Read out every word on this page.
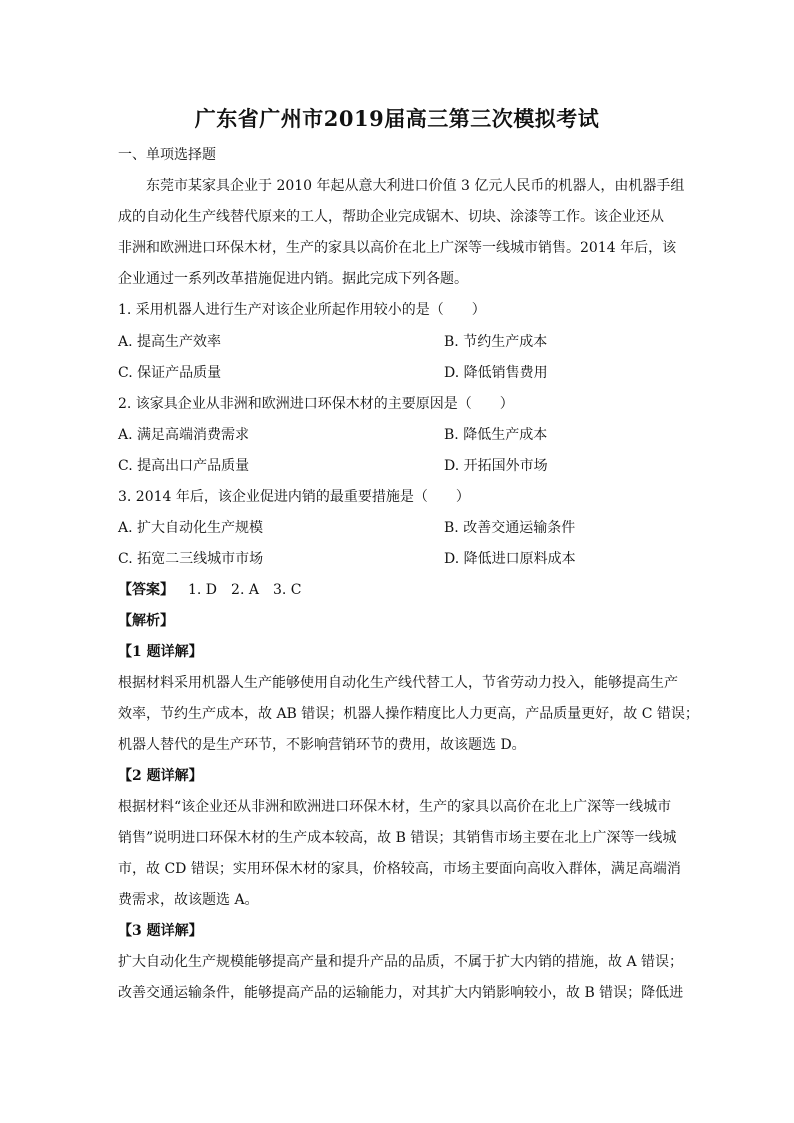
广东省广州市2019届高三第三次模拟考试
一、单项选择题
东莞市某家具企业于 2010 年起从意大利进口价值 3 亿元人民币的机器人，由机器手组
成的自动化生产线替代原来的工人，帮助企业完成锯木、切块、涂漆等工作。该企业还从
非洲和欧洲进口环保木材，生产的家具以高价在北上广深等一线城市销售。2014 年后，该
企业通过一系列改革措施促进内销。据此完成下列各题。
1. 采用机器人进行生产对该企业所起作用较小的是（　　）
A. 提高生产效率	B. 节约生产成本
C. 保证产品质量	D. 降低销售费用
2. 该家具企业从非洲和欧洲进口环保木材的主要原因是（　　）
A. 满足高端消费需求	B. 降低生产成本
C. 提高出口产品质量	D. 开拓国外市场
3. 2014 年后，该企业促进内销的最重要措施是（　　）
A. 扩大自动化生产规模	B. 改善交通运输条件
C. 拓宽二三线城市市场	D. 降低进口原料成本
【答案】 1. D 2. A 3. C
【解析】
【1 题详解】
根据材料采用机器人生产能够使用自动化生产线代替工人，节省劳动力投入，能够提高生产
效率，节约生产成本，故 AB 错误；机器人操作精度比人力更高，产品质量更好，故 C 错误；
机器人替代的是生产环节，不影响营销环节的费用，故该题选 D。
【2 题详解】
根据材料“该企业还从非洲和欧洲进口环保木材，生产的家具以高价在北上广深等一线城市
销售”说明进口环保木材的生产成本较高，故 B 错误；其销售市场主要在北上广深等一线城
市，故 CD 错误；实用环保木材的家具，价格较高，市场主要面向高收入群体，满足高端消
费需求，故该题选 A。
【3 题详解】
扩大自动化生产规模能够提高产量和提升产品的品质，不属于扩大内销的措施，故 A 错误；
改善交通运输条件，能够提高产品的运输能力，对其扩大内销影响较小，故 B 错误；降低进
